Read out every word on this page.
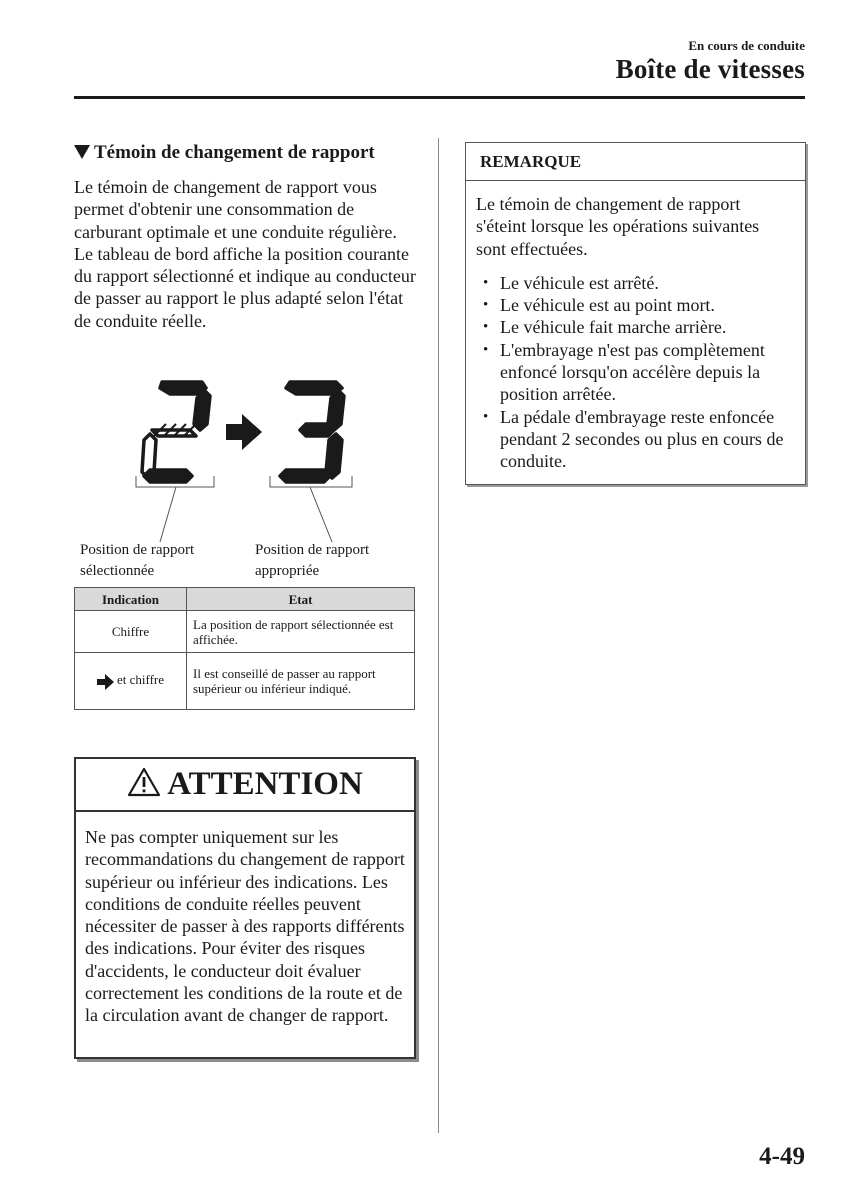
En cours de conduite
Boîte de vitesses
Témoin de changement de rapport
Le témoin de changement de rapport vous permet d'obtenir une consommation de carburant optimale et une conduite régulière. Le tableau de bord affiche la position courante du rapport sélectionné et indique au conducteur de passer au rapport le plus adapté selon l'état de conduite réelle.
Position de rapport
sélectionnée
Position de rapport
appropriée
Indication	Etat
Chiffre	La position de rapport sélectionnée est affichée.
et chiffre	Il est conseillé de passer au rapport supérieur ou inférieur indiqué.
ATTENTION
Ne pas compter uniquement sur les recommandations du changement de rapport supérieur ou inférieur des indications. Les conditions de conduite réelles peuvent nécessiter de passer à des rapports différents des indications. Pour éviter des risques d'accidents, le conducteur doit évaluer correctement les conditions de la route et de la circulation avant de changer de rapport.
REMARQUE
Le témoin de changement de rapport s'éteint lorsque les opérations suivantes sont effectuées.
• Le véhicule est arrêté.
• Le véhicule est au point mort.
• Le véhicule fait marche arrière.
• L'embrayage n'est pas complètement enfoncé lorsqu'on accélère depuis la position arrêtée.
• La pédale d'embrayage reste enfoncée pendant 2 secondes ou plus en cours de conduite.
4-49
